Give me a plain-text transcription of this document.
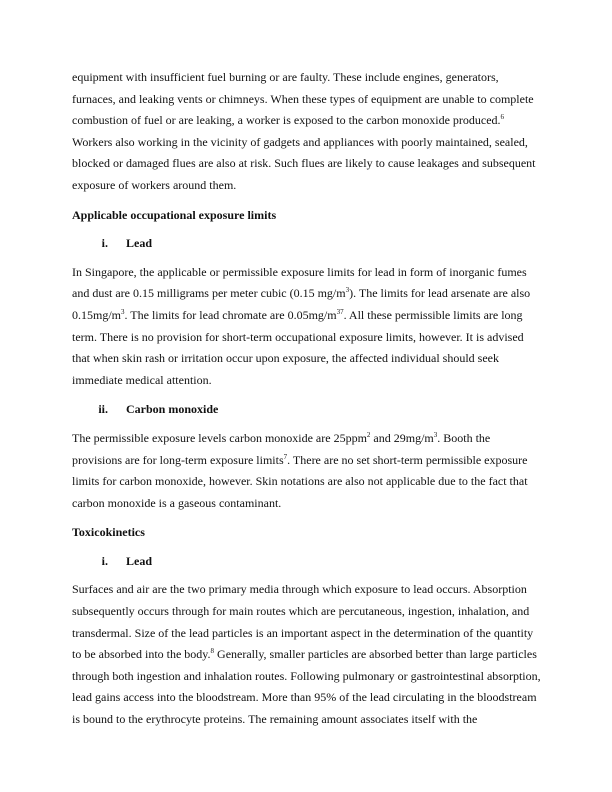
equipment with insufficient fuel burning or are faulty. These include engines, generators, furnaces, and leaking vents or chimneys. When these types of equipment are unable to complete combustion of fuel or are leaking, a worker is exposed to the carbon monoxide produced.$^6$ Workers also working in the vicinity of gadgets and appliances with poorly maintained, sealed, blocked or damaged flues are also at risk. Such flues are likely to cause leakages and subsequent exposure of workers around them.

Applicable occupational exposure limits
i. Lead

In Singapore, the applicable or permissible exposure limits for lead in form of inorganic fumes and dust are 0.15 milligrams per meter cubic (0.15 $mg/m^3$). The limits for lead arsenate are also $0.15mg/m^3$. The limits for lead chromate are $0.05mg/m^{37}$. All these permissible limits are long term. There is no provision for short-term occupational exposure limits, however. It is advised that when skin rash or irritation occur upon exposure, the affected individual should seek immediate medical attention.

ii. Carbon monoxide

The permissible exposure levels carbon monoxide are 25ppm$^2$ and $29mg/m^3$. Booth the provisions are for long-term exposure limits$^7$. There are no set short-term permissible exposure limits for carbon monoxide, however. Skin notations are also not applicable due to the fact that carbon monoxide is a gaseous contaminant.

Toxicokinetics
i. Lead

Surfaces and air are the two primary media through which exposure to lead occurs. Absorption subsequently occurs through for main routes which are percutaneous, ingestion, inhalation, and transdermal. Size of the lead particles is an important aspect in the determination of the quantity to be absorbed into the body.$^8$ Generally, smaller particles are absorbed better than large particles through both ingestion and inhalation routes. Following pulmonary or gastrointestinal absorption, lead gains access into the bloodstream. More than 95% of the lead circulating in the bloodstream is bound to the erythrocyte proteins. The remaining amount associates itself with the
